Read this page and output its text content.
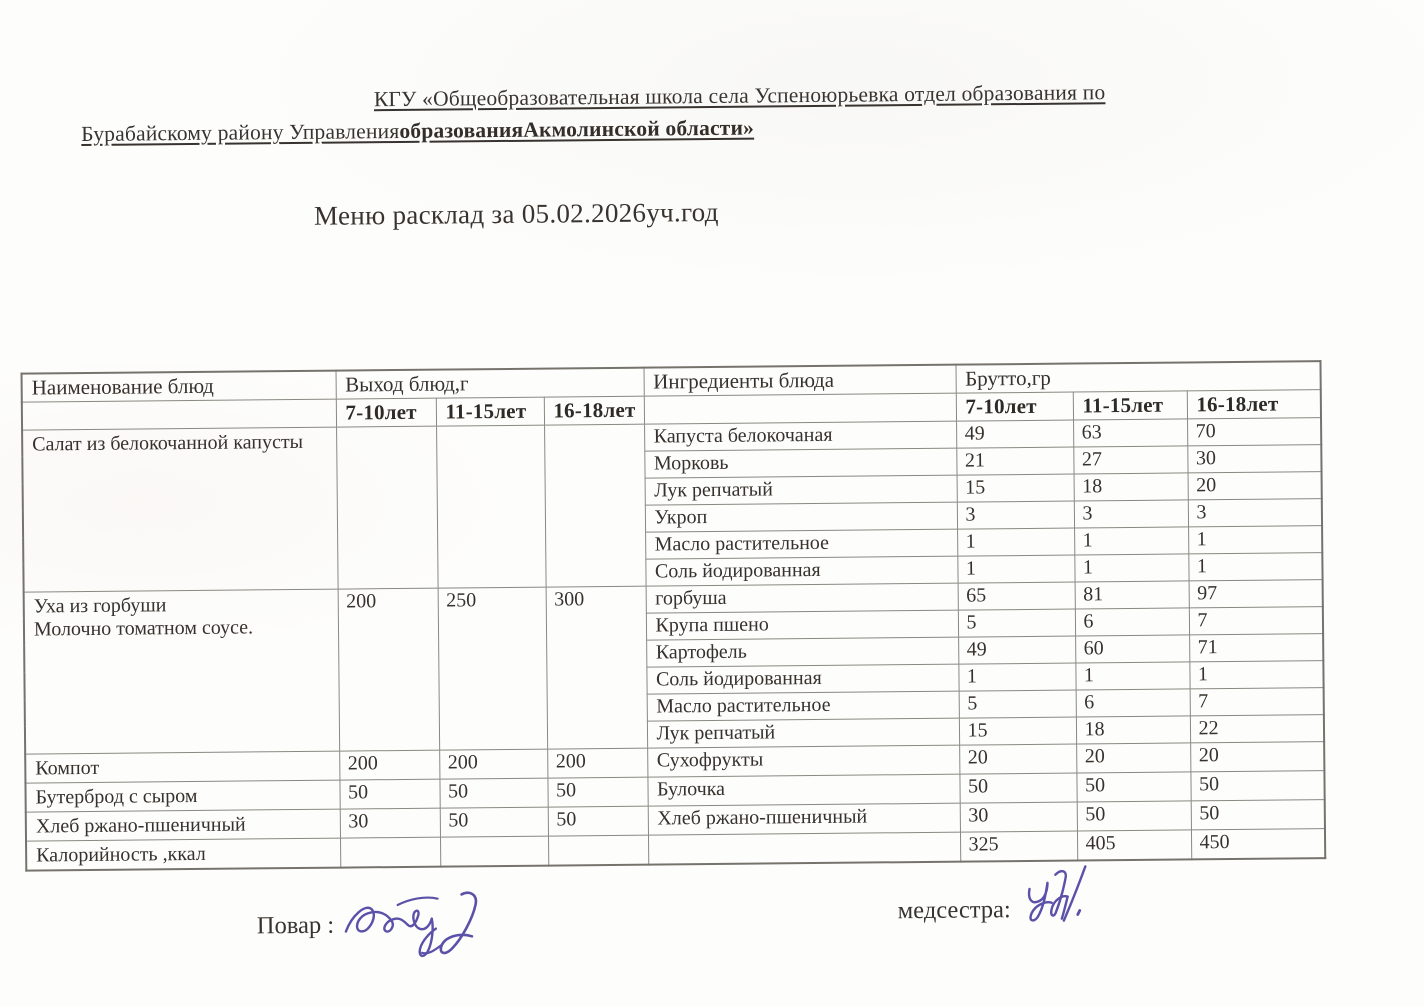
КГУ «Общеобразовательная школа села Успеноюрьевка отдел образования по
Бурабайскому району УправленияобразованияАкмолинской области»
Меню расклад за 05.02.2026уч.год
Наименование блюд	Выход блюд,г			Ингредиенты блюда	Брутто,гр		
	7-10лет	11-15лет	16-18лет		7-10лет	11-15лет	16-18лет

Салат из белокочанной капусты				Капуста белокочаная	49	63	70
				Морковь	21	27	30
				Лук репчатый	15	18	20
				Укроп	3	3	3
				Масло растительное	1	1	1
				Соль йодированная	1	1	1

Уха из горбуши
Молочно томатном соусе.	200	250	300	горбуша	65	81	97
				Крупа пшено	5	6	7
				Картофель	49	60	71
				Соль йодированная	1	1	1
				Масло растительное	5	6	7
				Лук репчатый	15	18	22

Компот	200	200	200	Сухофрукты	20	20	20

Бутерброд с сыром	50	50	50	Булочка	50	50	50

Хлеб ржано-пшеничный	30	50	50	Хлеб ржано-пшеничный	30	50	50

Калорийность ,ккал					325	405	450
Повар :
медсестра:
